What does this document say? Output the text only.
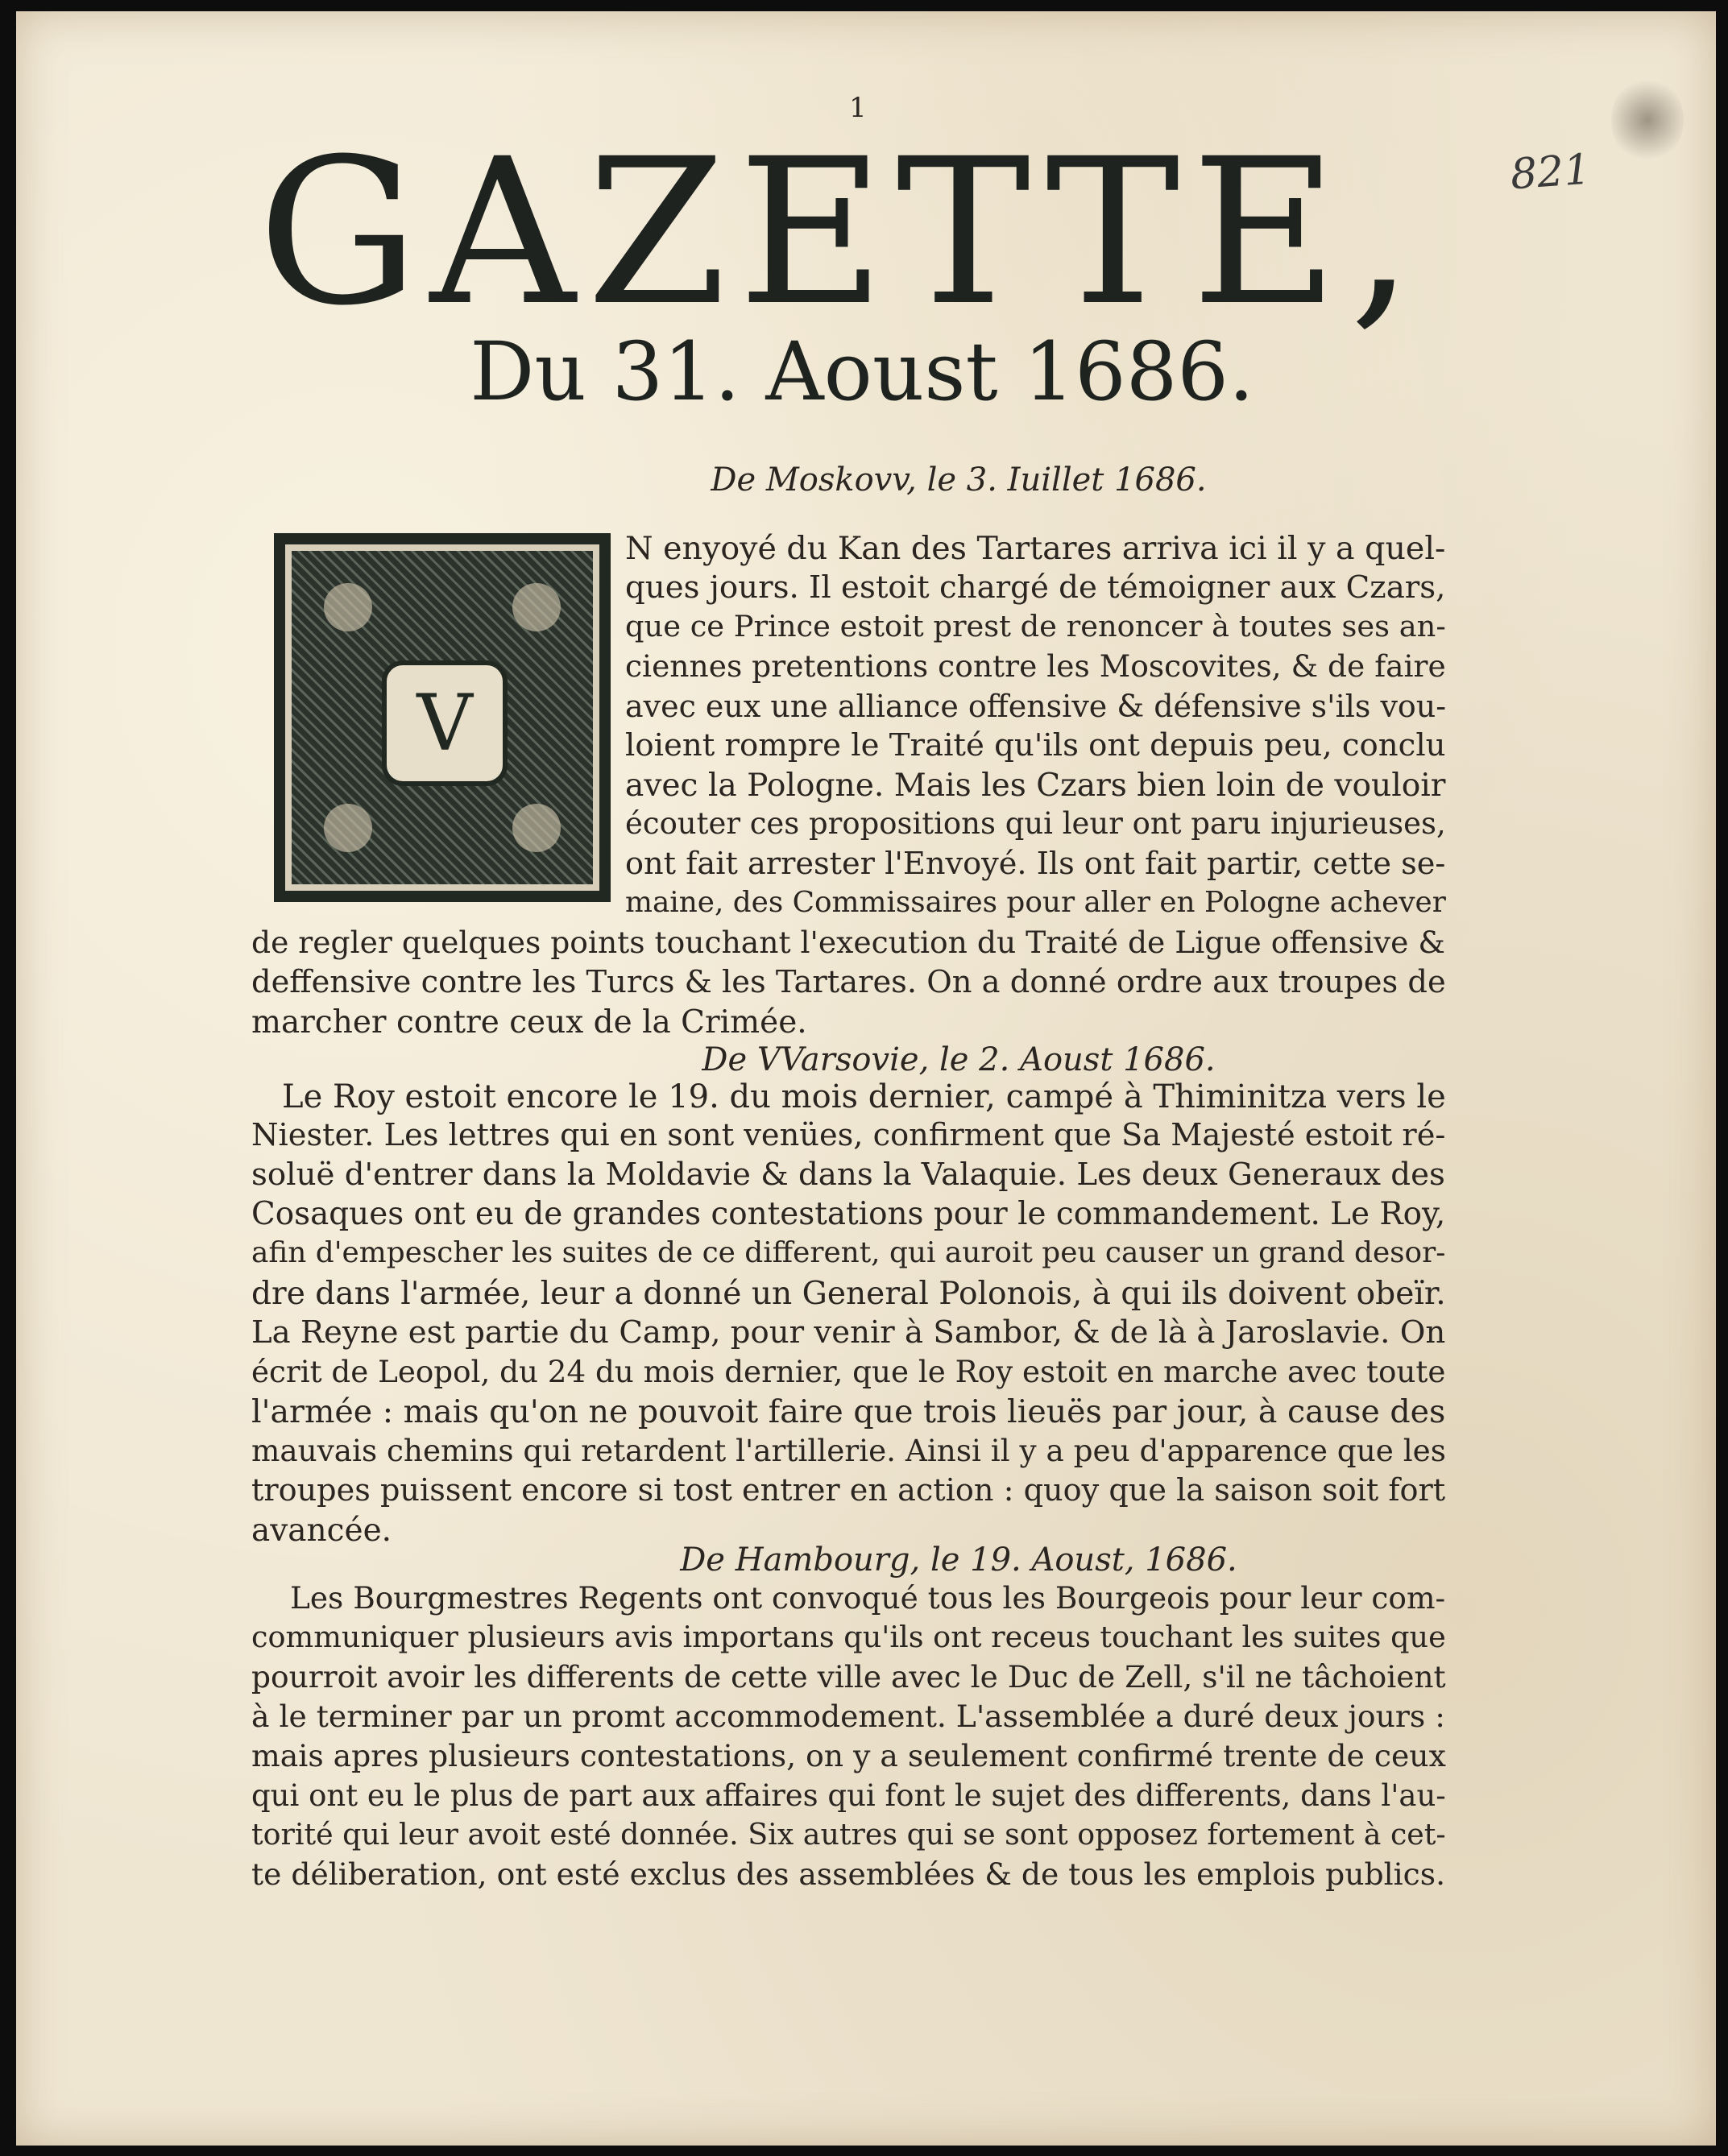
1
821
GAZETTE,
Du 31. Aoust 1686.
De Moskovv, le 3. Iuillet 1686.
V
N enyoyé du Kan des Tartares arriva ici il y a quel-
ques jours. Il estoit chargé de témoigner aux Czars,
que ce Prince estoit prest de renoncer à toutes ses an-
ciennes pretentions contre les Moscovites, & de faire
avec eux une alliance offensive & défensive s'ils vou-
loient rompre le Traité qu'ils ont depuis peu, conclu
avec la Pologne. Mais les Czars bien loin de vouloir
écouter ces propositions qui leur ont paru injurieuses,
ont fait arrester l'Envoyé. Ils ont fait partir, cette se-
maine, des Commissaires pour aller en Pologne achever
de regler quelques points touchant l'execution du Traité de Ligue offensive &
deffensive contre les Turcs & les Tartares. On a donné ordre aux troupes de
marcher contre ceux de la Crimée.
De VVarsovie, le 2. Aoust 1686.
Le Roy estoit encore le 19. du mois dernier, campé à Thiminitza vers le
Niester. Les lettres qui en sont venües, confirment que Sa Majesté estoit ré-
soluë d'entrer dans la Moldavie & dans la Valaquie. Les deux Generaux des
Cosaques ont eu de grandes contestations pour le commandement. Le Roy,
afin d'empescher les suites de ce different, qui auroit peu causer un grand desor-
dre dans l'armée, leur a donné un General Polonois, à qui ils doivent obeïr.
La Reyne est partie du Camp, pour venir à Sambor, & de là à Jaroslavie. On
écrit de Leopol, du 24 du mois dernier, que le Roy estoit en marche avec toute
l'armée : mais qu'on ne pouvoit faire que trois lieuës par jour, à cause des
mauvais chemins qui retardent l'artillerie. Ainsi il y a peu d'apparence que les
troupes puissent encore si tost entrer en action : quoy que la saison soit fort
avancée.
De Hambourg, le 19. Aoust, 1686.
Les Bourgmestres Regents ont convoqué tous les Bourgeois pour leur com-
communiquer plusieurs avis importans qu'ils ont receus touchant les suites que
pourroit avoir les differents de cette ville avec le Duc de Zell, s'il ne tâchoient
à le terminer par un promt accommodement. L'assemblée a duré deux jours :
mais apres plusieurs contestations, on y a seulement confirmé trente de ceux
qui ont eu le plus de part aux affaires qui font le sujet des differents, dans l'au-
torité qui leur avoit esté donnée. Six autres qui se sont opposez fortement à cet-
te déliberation, ont esté exclus des assemblées & de tous les emplois publics.
